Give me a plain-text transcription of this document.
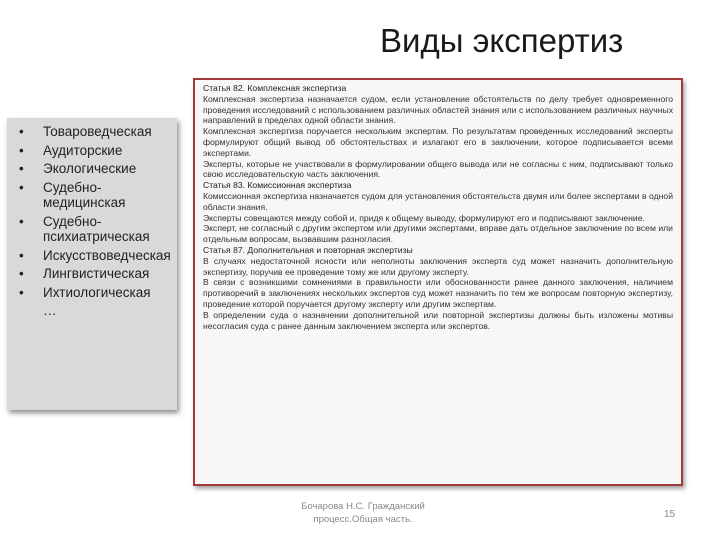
Виды экспертиз
• Товароведческая
• Аудиторские
• Экологические
• Судебно-медицинская
• Судебно-психиатрическая
• Искусствоведческая
• Лингвистическая
• Ихтиологическая
…

Статья 82. Комплексная экспертиза

Комплексная экспертиза назначается судом, если установление обстоятельств по делу требует одновременного проведения исследований с использованием различных областей знания или с использованием различных научных направлений в пределах одной области знания.

Комплексная экспертиза поручается нескольким экспертам. По результатам проведенных исследований эксперты формулируют общий вывод об обстоятельствах и излагают его в заключении, которое подписывается всеми экспертами.

Эксперты, которые не участвовали в формулировании общего вывода или не согласны с ним, подписывают только свою исследовательскую часть заключения.

Статья 83. Комиссионная экспертиза

Комиссионная экспертиза назначается судом для установления обстоятельств двумя или более экспертами в одной области знания.

Эксперты совещаются между собой и, придя к общему выводу, формулируют его и подписывают заключение.

Эксперт, не согласный с другим экспертом или другими экспертами, вправе дать отдельное заключение по всем или отдельным вопросам, вызвавшим разногласия.

Статья 87. Дополнительная и повторная экспертизы

В случаях недостаточной ясности или неполноты заключения эксперта суд может назначить дополнительную экспертизу, поручив ее проведение тому же или другому эксперту.

В связи с возникшими сомнениями в правильности или обоснованности ранее данного заключения, наличием противоречий в заключениях нескольких экспертов суд может назначить по тем же вопросам повторную экспертизу, проведение которой поручается другому эксперту или другим экспертам.

В определении суда о назначении дополнительной или повторной экспертизы должны быть изложены мотивы несогласия суда с ранее данным заключением эксперта или экспертов.

Бочарова Н.С. Гражданский процесс.Общая часть.	15
